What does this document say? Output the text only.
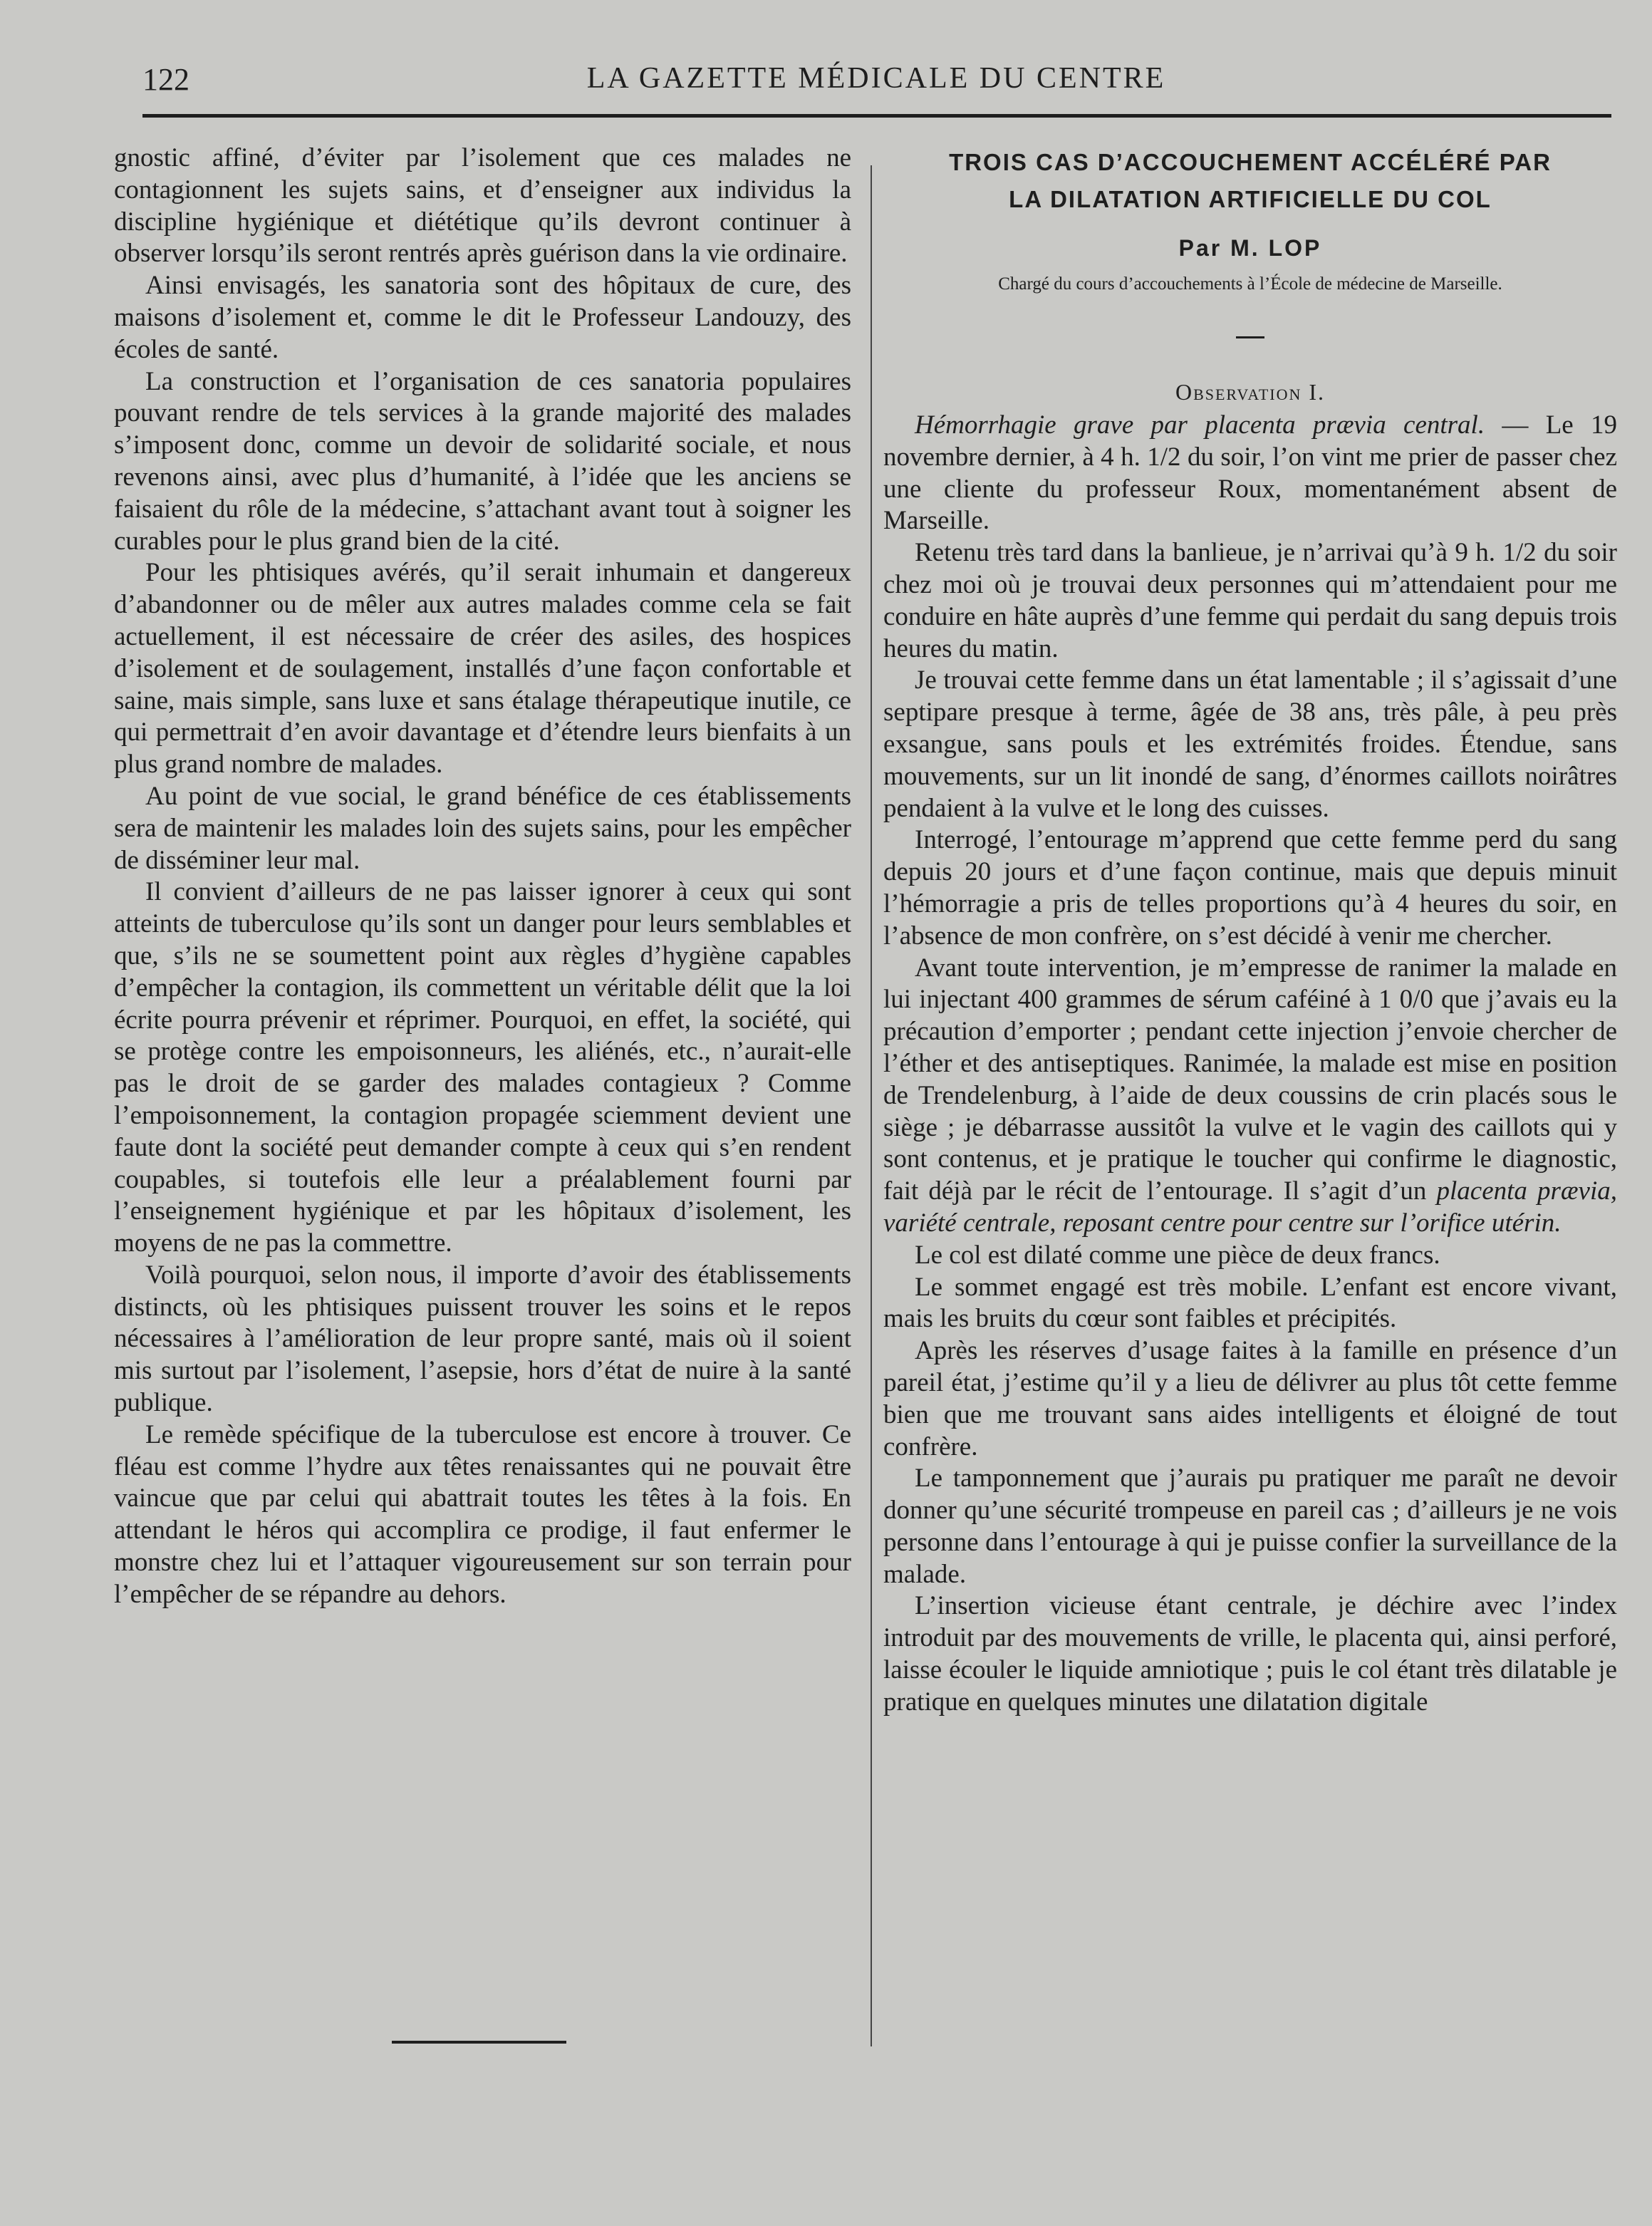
122	LA GAZETTE MÉDICALE DU CENTRE

gnostic affiné, d’éviter par l’isolement que ces malades ne contagionnent les sujets sains, et d’enseigner aux individus la discipline hygiénique et diététique qu’ils devront continuer à observer lorsqu’ils seront rentrés après guérison dans la vie ordinaire.

Ainsi envisagés, les sanatoria sont des hôpitaux de cure, des maisons d’isolement et, comme le dit le Professeur Landouzy, des écoles de santé.

La construction et l’organisation de ces sanatoria populaires pouvant rendre de tels services à la grande majorité des malades s’imposent donc, comme un devoir de solidarité sociale, et nous revenons ainsi, avec plus d’humanité, à l’idée que les anciens se faisaient du rôle de la médecine, s’attachant avant tout à soigner les curables pour le plus grand bien de la cité.

Pour les phtisiques avérés, qu’il serait inhumain et dangereux d’abandonner ou de mêler aux autres malades comme cela se fait actuellement, il est nécessaire de créer des asiles, des hospices d’isolement et de soulagement, installés d’une façon confortable et saine, mais simple, sans luxe et sans étalage thérapeutique inutile, ce qui permettrait d’en avoir davantage et d’étendre leurs bienfaits à un plus grand nombre de malades.

Au point de vue social, le grand bénéfice de ces établissements sera de maintenir les malades loin des sujets sains, pour les empêcher de disséminer leur mal.

Il convient d’ailleurs de ne pas laisser ignorer à ceux qui sont atteints de tuberculose qu’ils sont un danger pour leurs semblables et que, s’ils ne se soumettent point aux règles d’hygiène capables d’empêcher la contagion, ils commettent un véritable délit que la loi écrite pourra prévenir et réprimer. Pourquoi, en effet, la société, qui se protège contre les empoisonneurs, les aliénés, etc., n’aurait-elle pas le droit de se garder des malades contagieux ? Comme l’empoisonnement, la contagion propagée sciemment devient une faute dont la société peut demander compte à ceux qui s’en rendent coupables, si toutefois elle leur a préalablement fourni par l’enseignement hygiénique et par les hôpitaux d’isolement, les moyens de ne pas la commettre.

Voilà pourquoi, selon nous, il importe d’avoir des établissements distincts, où les phtisiques puissent trouver les soins et le repos nécessaires à l’amélioration de leur propre santé, mais où il soient mis surtout par l’isolement, l’asepsie, hors d’état de nuire à la santé publique.

Le remède spécifique de la tuberculose est encore à trouver. Ce fléau est comme l’hydre aux têtes renaissantes qui ne pouvait être vaincue que par celui qui abattrait toutes les têtes à la fois. En attendant le héros qui accomplira ce prodige, il faut enfermer le monstre chez lui et l’attaquer vigoureusement sur son terrain pour l’empêcher de se répandre au dehors.

TROIS CAS D’ACCOUCHEMENT ACCÉLÉRÉ PAR
LA DILATATION ARTIFICIELLE DU COL
Par M. LOP
Chargé du cours d’accouchements à l’École de médecine de Marseille.
Observation I.

Hémorrhagie grave par placenta prævia central. — Le 19 novembre dernier, à 4 h. 1/2 du soir, l’on vint me prier de passer chez une cliente du professeur Roux, momentanément absent de Marseille.

Retenu très tard dans la banlieue, je n’arrivai qu’à 9 h. 1/2 du soir chez moi où je trouvai deux personnes qui m’attendaient pour me conduire en hâte auprès d’une femme qui perdait du sang depuis trois heures du matin.

Je trouvai cette femme dans un état lamentable ; il s’agissait d’une septipare presque à terme, âgée de 38 ans, très pâle, à peu près exsangue, sans pouls et les extrémités froides. Étendue, sans mouvements, sur un lit inondé de sang, d’énormes caillots noirâtres pendaient à la vulve et le long des cuisses.

Interrogé, l’entourage m’apprend que cette femme perd du sang depuis 20 jours et d’une façon continue, mais que depuis minuit l’hémorragie a pris de telles proportions qu’à 4 heures du soir, en l’absence de mon confrère, on s’est décidé à venir me chercher.

Avant toute intervention, je m’empresse de ranimer la malade en lui injectant 400 grammes de sérum caféiné à 1 0/0 que j’avais eu la précaution d’emporter ; pendant cette injection j’envoie chercher de l’éther et des antiseptiques. Ranimée, la malade est mise en position de Trendelenburg, à l’aide de deux coussins de crin placés sous le siège ; je débarrasse aussitôt la vulve et le vagin des caillots qui y sont contenus, et je pratique le toucher qui confirme le diagnostic, fait déjà par le récit de l’entourage. Il s’agit d’un placenta prævia, variété centrale, reposant centre pour centre sur l’orifice utérin.

Le col est dilaté comme une pièce de deux francs.

Le sommet engagé est très mobile. L’enfant est encore vivant, mais les bruits du cœur sont faibles et précipités.

Après les réserves d’usage faites à la famille en présence d’un pareil état, j’estime qu’il y a lieu de délivrer au plus tôt cette femme bien que me trouvant sans aides intelligents et éloigné de tout confrère.

Le tamponnement que j’aurais pu pratiquer me paraît ne devoir donner qu’une sécurité trompeuse en pareil cas ; d’ailleurs je ne vois personne dans l’entourage à qui je puisse confier la surveillance de la malade.

L’insertion vicieuse étant centrale, je déchire avec l’index introduit par des mouvements de vrille, le placenta qui, ainsi perforé, laisse écouler le liquide amniotique ; puis le col étant très dilatable je pratique en quelques minutes une dilatation digitale
